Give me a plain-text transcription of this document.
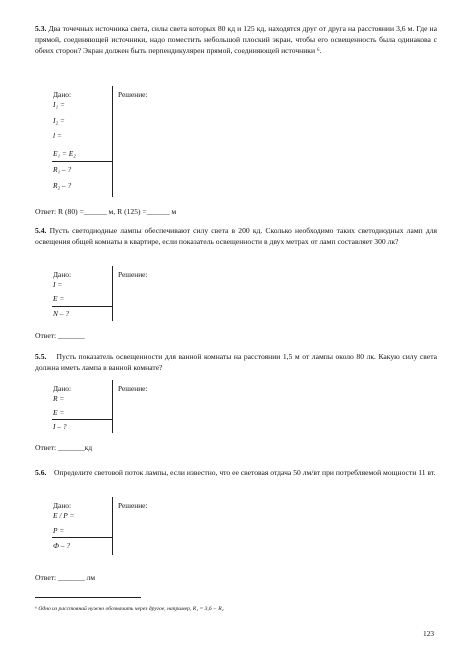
5.3. Два точечных источника света, силы света которых 80 кд и 125 кд, находятся друг от друга на расстоянии 3,6 м. Где на прямой, соединяющей источники, надо поместить небольшой плоский экран, чтобы его освещенность была одинакова с обеих сторон? Экран должен быть перпендикулярен прямой, соединяющей источники ⁶.

Дано:	Решение:
I₁ =
I₂ =
l =
E₁ = E₂
R₁ – ?
R₂ – ?
Ответ: R (80) =______ м, R (125) =______ м

5.4. Пусть светодиодные лампы обеспечивают силу света в 200 кд. Сколько необходимо таких светодиодных ламп для освещения общей комнаты в квартире, если показатель освещенности в двух метрах от ламп составляет 300 лк?

Дано:	Решение:
I =
E =
N – ?
Ответ: _______

5.5. Пусть показатель освещенности для ванной комнаты на расстоянии 1,5 м от лампы около 80 лк. Какую силу света должна иметь лампа в ванной комнате?

Дано:	Решение:
R =
E =
I – ?
Ответ: _______кд

5.6. Определите световой поток лампы, если известно, что ее световая отдача 50 лм/вт при потребляемой мощности 11 вт.

Дано:	Решение:
E / P =
P =
Ф – ?
Ответ: _______ лм
⁶ Одно из расстояний нужно обозначить через другое, например, R₁ = 3,6 − R₂
123
